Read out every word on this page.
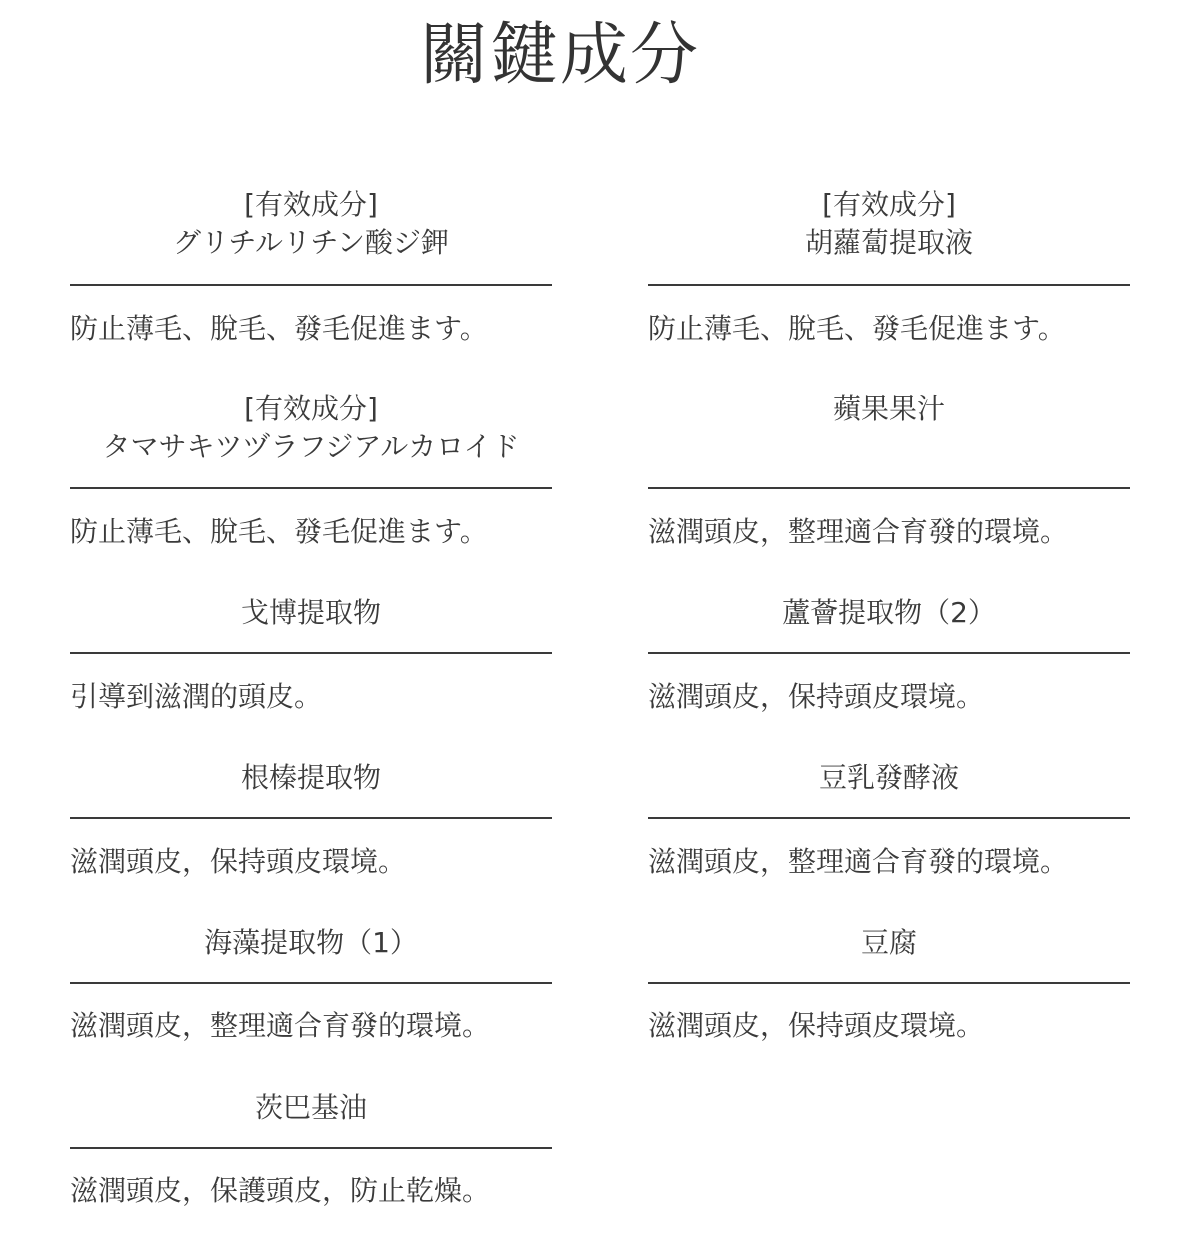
關鍵成分
[有效成分]
グリチルリチン酸ジ鉀
防止薄毛、脫毛、發毛促進ます。
[有效成分]
タマサキツヅラフジアルカロイド
防止薄毛、脫毛、發毛促進ます。
戈博提取物
引導到滋潤的頭皮。
根榛提取物
滋潤頭皮，保持頭皮環境。
海藻提取物（1）
滋潤頭皮，整理適合育發的環境。
茨巴基油
滋潤頭皮，保護頭皮，防止乾燥。
[有效成分]
胡蘿蔔提取液
防止薄毛、脫毛、發毛促進ます。
蘋果果汁
滋潤頭皮，整理適合育發的環境。
蘆薈提取物（2）
滋潤頭皮，保持頭皮環境。
豆乳發酵液
滋潤頭皮，整理適合育發的環境。
豆腐
滋潤頭皮，保持頭皮環境。
